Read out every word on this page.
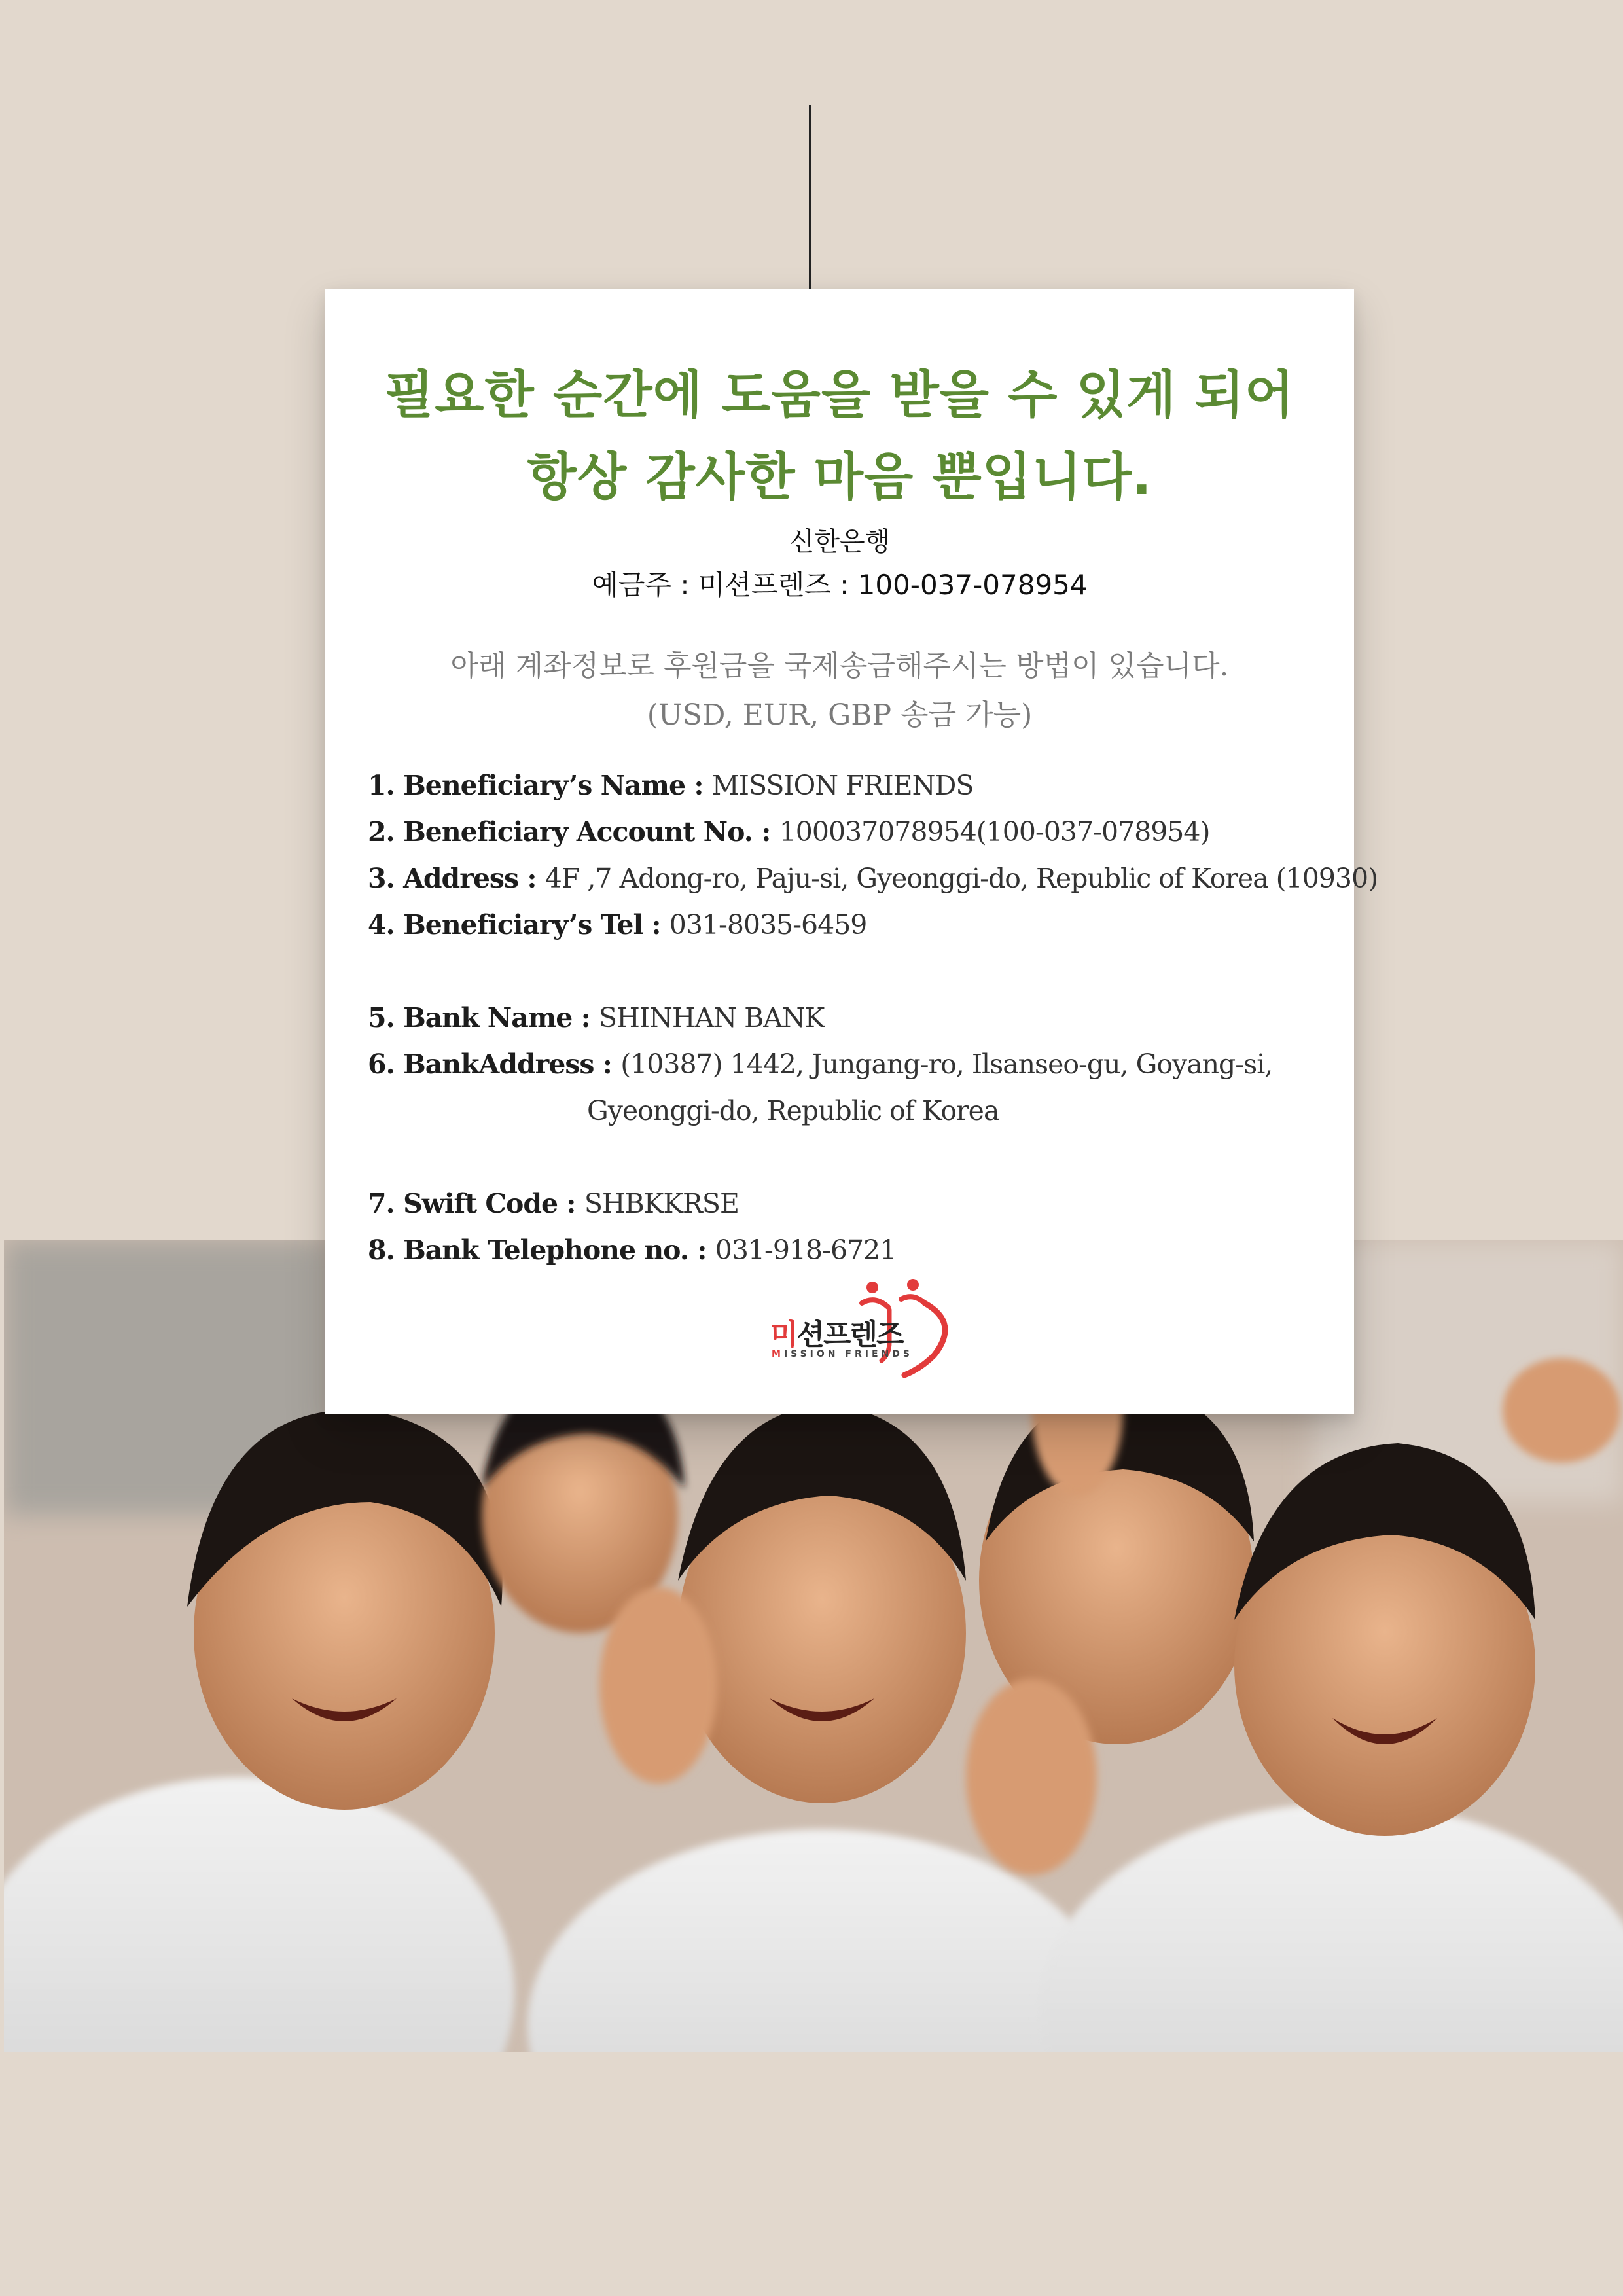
필요한 순간에 도움을 받을 수 있게 되어
항상 감사한 마음 뿐입니다.
신한은행
예금주 : 미션프렌즈 : 100-037-078954
아래 계좌정보로 후원금을 국제송금해주시는 방법이 있습니다.
(USD, EUR, GBP 송금 가능)
1. Beneficiary’s Name : MISSION FRIENDS
2. Beneficiary Account No. : 100037078954(100-037-078954)
3. Address : 4F ,7 Adong-ro, Paju-si, Gyeonggi-do, Republic of Korea (10930)
4. Beneficiary’s Tel : 031-8035-6459
5. Bank Name : SHINHAN BANK
6. BankAddress : (10387) 1442, Jungang-ro, Ilsanseo-gu, Goyang-si,
Gyeonggi-do, Republic of Korea
7. Swift Code : SHBKKRSE
8. Bank Telephone no. : 031-918-6721
미션프렌즈
MISSION FRIENDS
